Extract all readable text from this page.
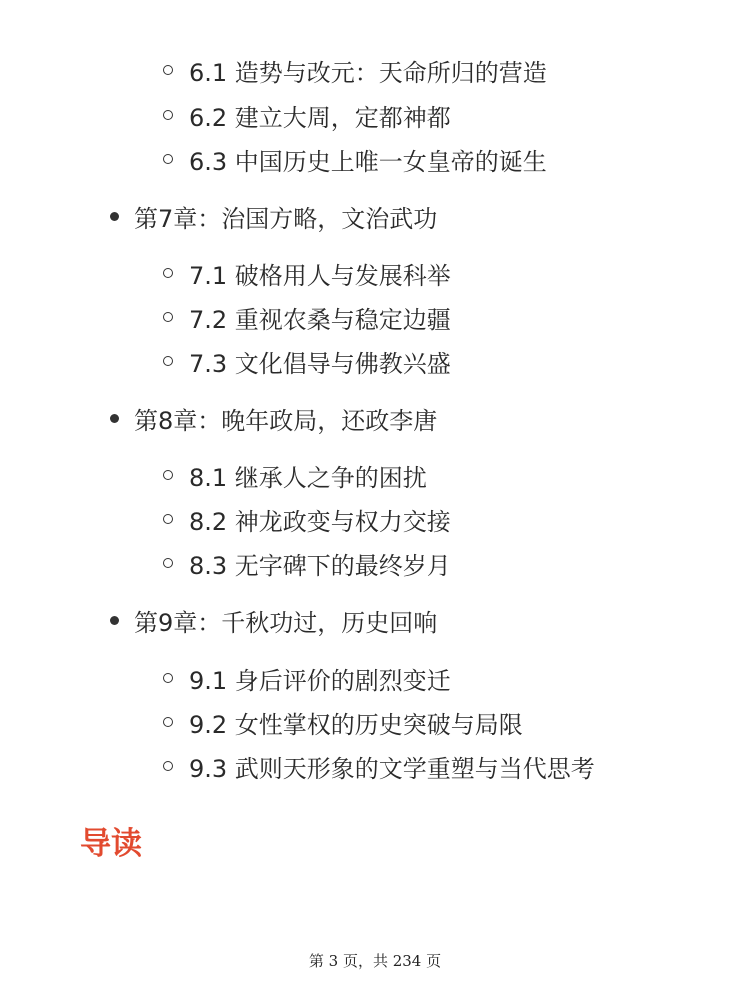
6.1 造势与改元：天命所归的营造
6.2 建立大周，定都神都
6.3 中国历史上唯一女皇帝的诞生
第7章：治国方略，文治武功
7.1 破格用人与发展科举
7.2 重视农桑与稳定边疆
7.3 文化倡导与佛教兴盛
第8章：晚年政局，还政李唐
8.1 继承人之争的困扰
8.2 神龙政变与权力交接
8.3 无字碑下的最终岁月
第9章：千秋功过，历史回响
9.1 身后评价的剧烈变迁
9.2 女性掌权的历史突破与局限
9.3 武则天形象的文学重塑与当代思考
导读
第 3 页，共 234 页
